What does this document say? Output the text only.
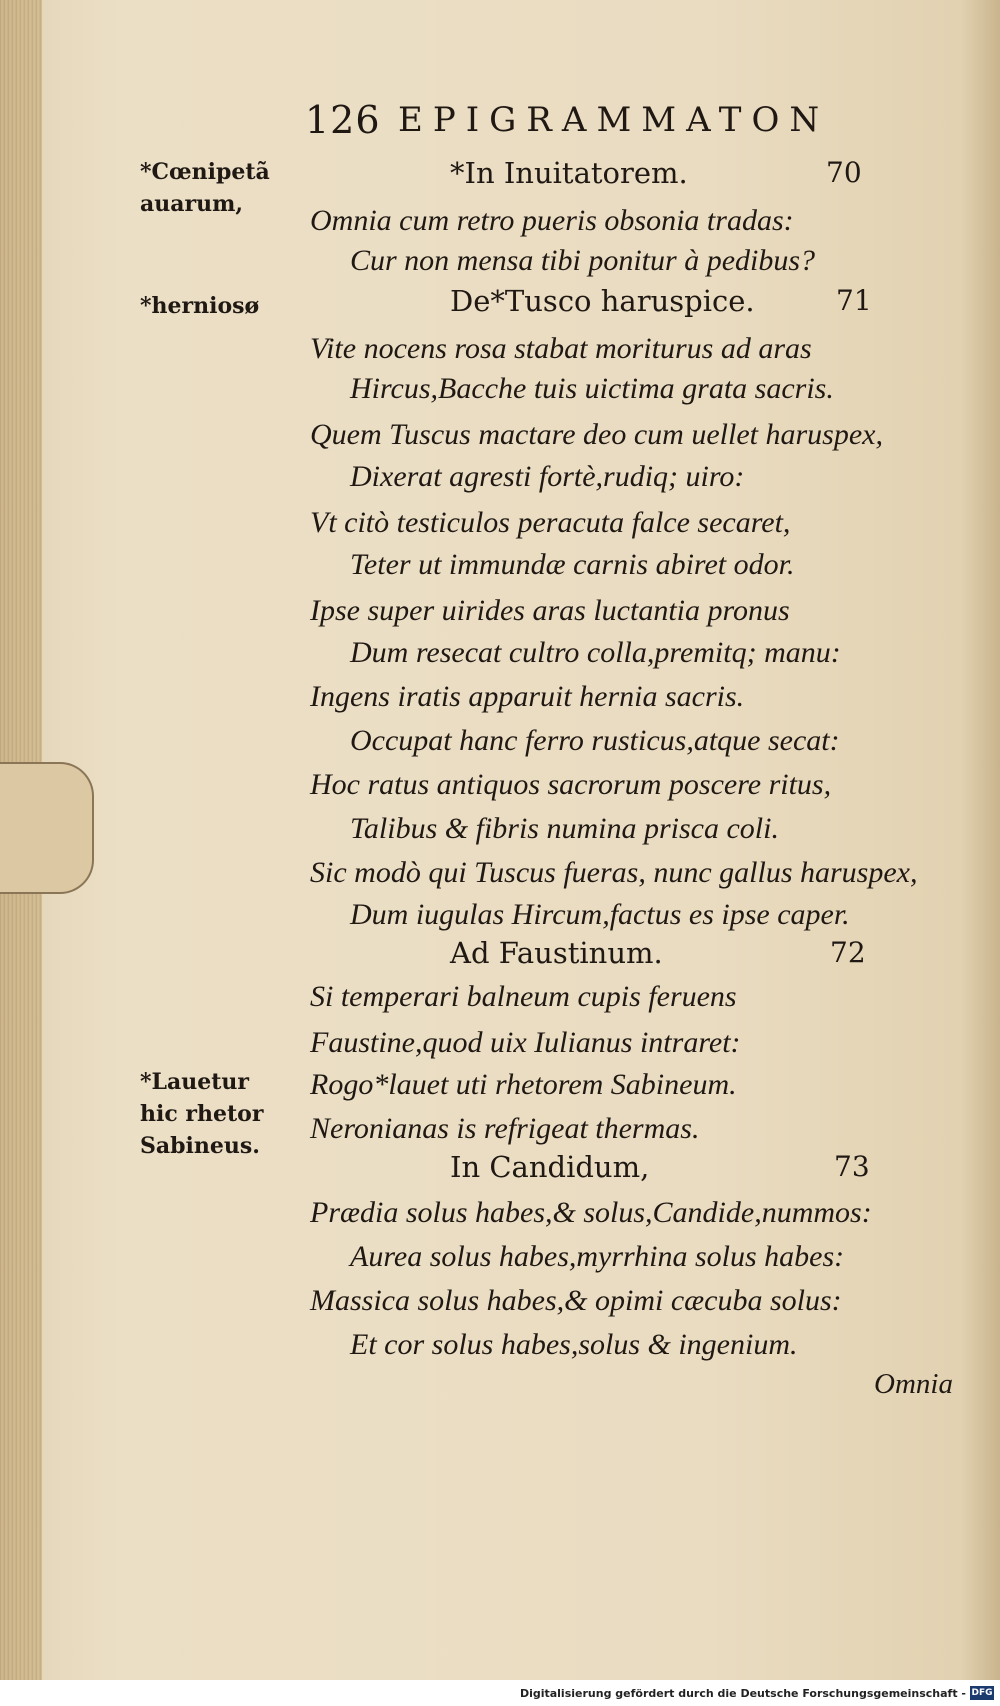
126 EPIGRAMMATON
*Cœnipetã
auarum,
*herniosø
*Lauetur
hic rhetor
Sabineus.
*In Inuitatorem.	70
Omnia cum retro pueris obsonia tradas:
Cur non mensa tibi ponitur à pedibus?
De*Tusco haruspice.	71
Vite nocens rosa stabat moriturus ad aras
Hircus,Bacche tuis uictima grata sacris.
Quem Tuscus mactare deo cum uellet haruspex,
Dixerat agresti fortè,rudiq; uiro:
Vt citò testiculos peracuta falce secaret,
Teter ut immundæ carnis abiret odor.
Ipse super uirides aras luctantia pronus
Dum resecat cultro colla,premitq; manu:
Ingens iratis apparuit hernia sacris.
Occupat hanc ferro rusticus,atque secat:
Hoc ratus antiquos sacrorum poscere ritus,
Talibus & fibris numina prisca coli.
Sic modò qui Tuscus fueras, nunc gallus haruspex,
Dum iugulas Hircum,factus es ipse caper.
Ad Faustinum.	72
Si temperari balneum cupis feruens
Faustine,quod uix Iulianus intraret:
Rogo*lauet uti rhetorem Sabineum.
Neronianas is refrigeat thermas.
In Candidum,	73
Prædia solus habes,& solus,Candide,nummos:
Aurea solus habes,myrrhina solus habes:
Massica solus habes,& opimi cæcuba solus:
Et cor solus habes,solus & ingenium.
Omnia
Digitalisierung gefördert durch die Deutsche Forschungsgemeinschaft - DFG
